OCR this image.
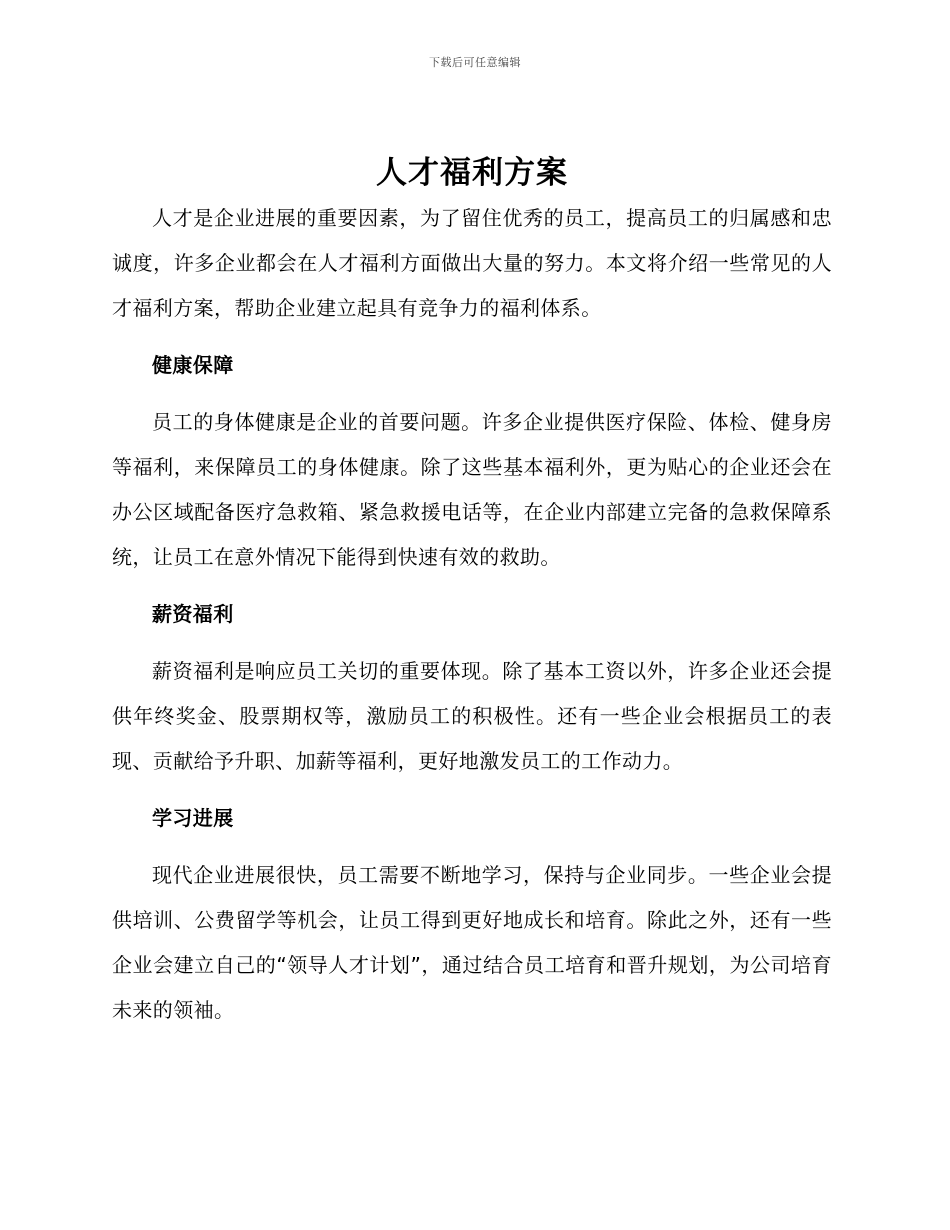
下载后可任意编辑
人才福利方案

人才是企业进展的重要因素，为了留住优秀的员工，提高员工的归属感和忠诚度，许多企业都会在人才福利方面做出大量的努力。本文将介绍一些常见的人才福利方案，帮助企业建立起具有竞争力的福利体系。

健康保障

员工的身体健康是企业的首要问题。许多企业提供医疗保险、体检、健身房等福利，来保障员工的身体健康。除了这些基本福利外，更为贴心的企业还会在办公区域配备医疗急救箱、紧急救援电话等，在企业内部建立完备的急救保障系统，让员工在意外情况下能得到快速有效的救助。

薪资福利

薪资福利是响应员工关切的重要体现。除了基本工资以外，许多企业还会提供年终奖金、股票期权等，激励员工的积极性。还有一些企业会根据员工的表现、贡献给予升职、加薪等福利，更好地激发员工的工作动力。

学习进展

现代企业进展很快，员工需要不断地学习，保持与企业同步。一些企业会提供培训、公费留学等机会，让员工得到更好地成长和培育。除此之外，还有一些企业会建立自己的“领导人才计划”，通过结合员工培育和晋升规划，为公司培育未来的领袖。
